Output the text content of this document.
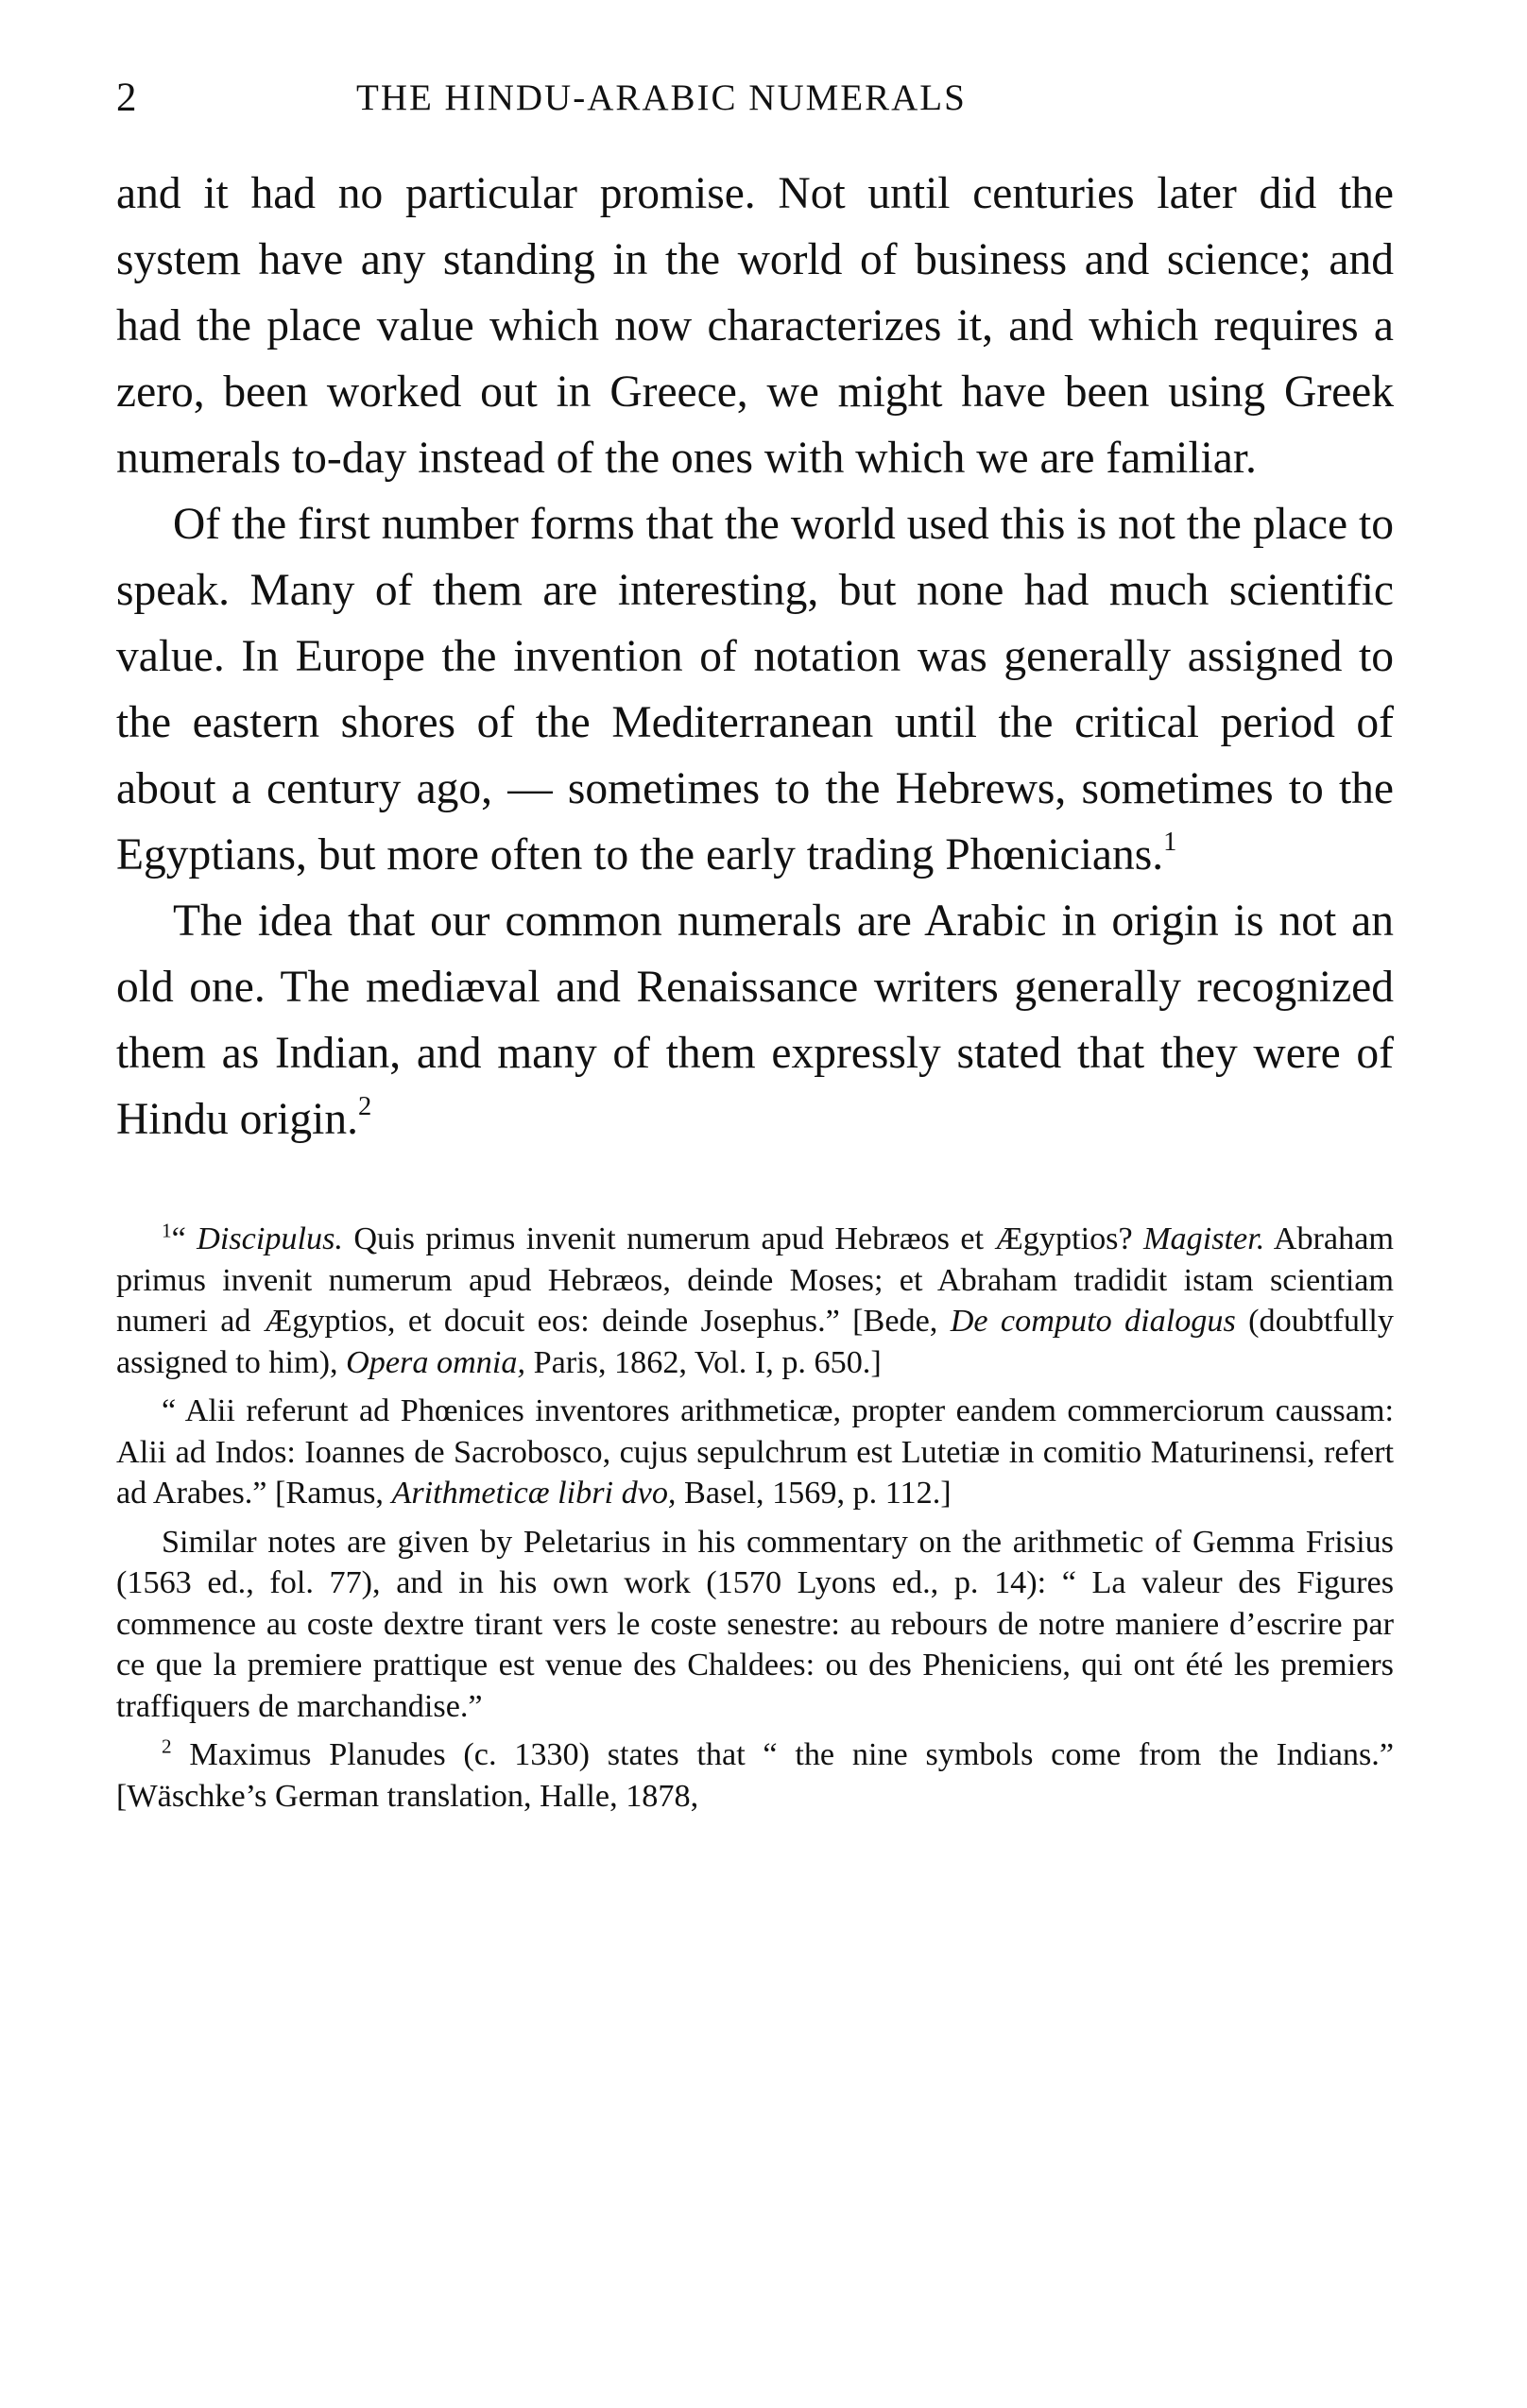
2	THE HINDU-ARABIC NUMERALS

and it had no particular promise. Not until centuries later did the system have any standing in the world of business and science; and had the place value which now characterizes it, and which requires a zero, been worked out in Greece, we might have been using Greek numerals to-day instead of the ones with which we are familiar.

Of the first number forms that the world used this is not the place to speak. Many of them are interesting, but none had much scientific value. In Europe the invention of notation was generally assigned to the eastern shores of the Mediterranean until the critical period of about a century ago, — sometimes to the Hebrews, sometimes to the Egyptians, but more often to the early trading Phœnicians.$^1$

The idea that our common numerals are Arabic in origin is not an old one. The mediæval and Renaissance writers generally recognized them as Indian, and many of them expressly stated that they were of Hindu origin.$^2$

$^1$“ Discipulus. Quis primus invenit numerum apud Hebræos et Ægyptios? Magister. Abraham primus invenit numerum apud Hebræos, deinde Moses; et Abraham tradidit istam scientiam numeri ad Ægyptios, et docuit eos: deinde Josephus.” [Bede, De computo dialogus (doubtfully assigned to him), Opera omnia, Paris, 1862, Vol. I, p. 650.]

“ Alii referunt ad Phœnices inventores arithmeticæ, propter eandem commerciorum caussam: Alii ad Indos: Ioannes de Sacrobosco, cujus sepulchrum est Lutetiæ in comitio Maturinensi, refert ad Arabes.” [Ramus, Arithmeticæ libri dvo, Basel, 1569, p. 112.]

Similar notes are given by Peletarius in his commentary on the arithmetic of Gemma Frisius (1563 ed., fol. 77), and in his own work (1570 Lyons ed., p. 14): “ La valeur des Figures commence au coste dextre tirant vers le coste senestre: au rebours de notre maniere d’escrire par ce que la premiere prattique est venue des Chaldees: ou des Pheniciens, qui ont été les premiers traffiquers de marchandise.”

$^2$ Maximus Planudes (c. 1330) states that “ the nine symbols come from the Indians.” [Wäschke’s German translation, Halle, 1878,
